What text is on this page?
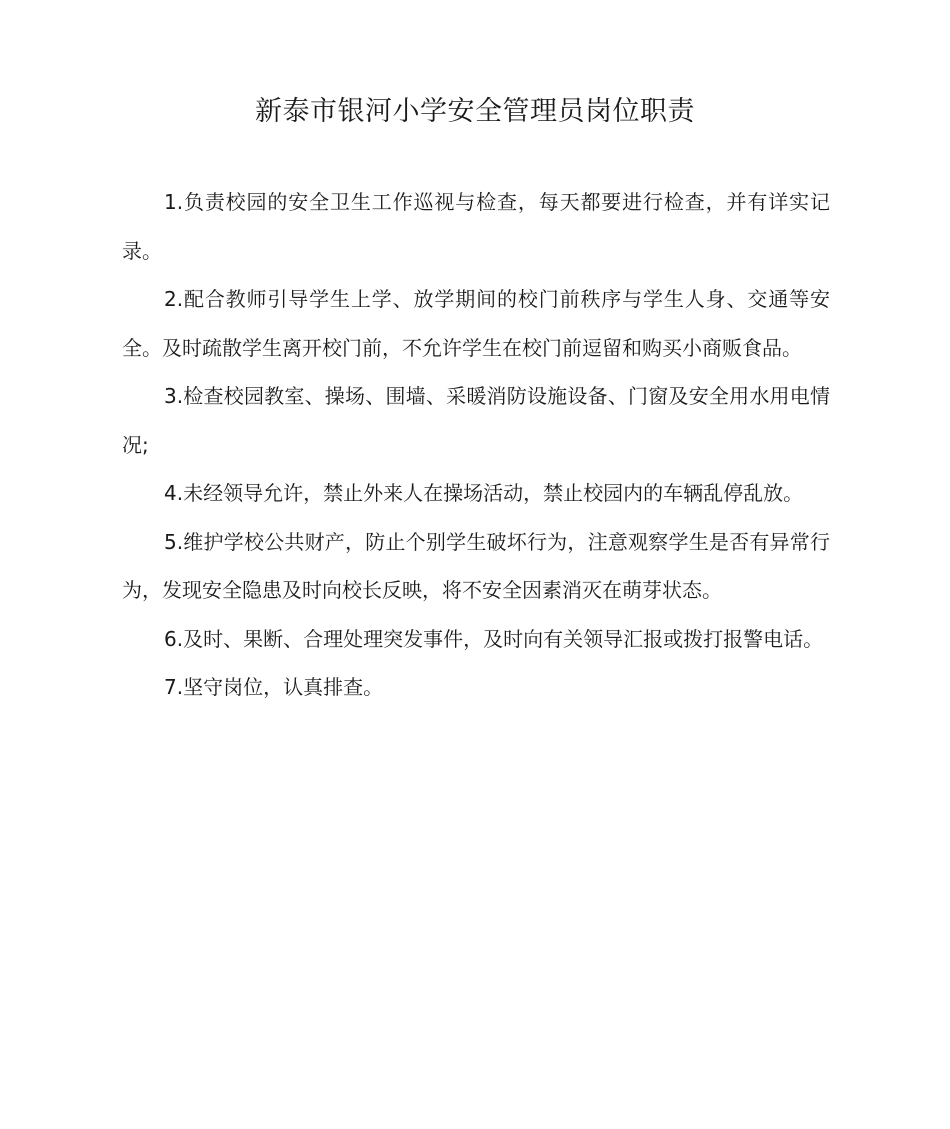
新泰市银河小学安全管理员岗位职责

1.负责校园的安全卫生工作巡视与检查，每天都要进行检查，并有详实记录。

2.配合教师引导学生上学、放学期间的校门前秩序与学生人身、交通等安全。及时疏散学生离开校门前，不允许学生在校门前逗留和购买小商贩食品。

3.检查校园教室、操场、围墙、采暖消防设施设备、门窗及安全用水用电情况;

4.未经领导允许，禁止外来人在操场活动，禁止校园内的车辆乱停乱放。

5.维护学校公共财产，防止个别学生破坏行为，注意观察学生是否有异常行为，发现安全隐患及时向校长反映，将不安全因素消灭在萌芽状态。

6.及时、果断、合理处理突发事件，及时向有关领导汇报或拨打报警电话。

7.坚守岗位，认真排查。
